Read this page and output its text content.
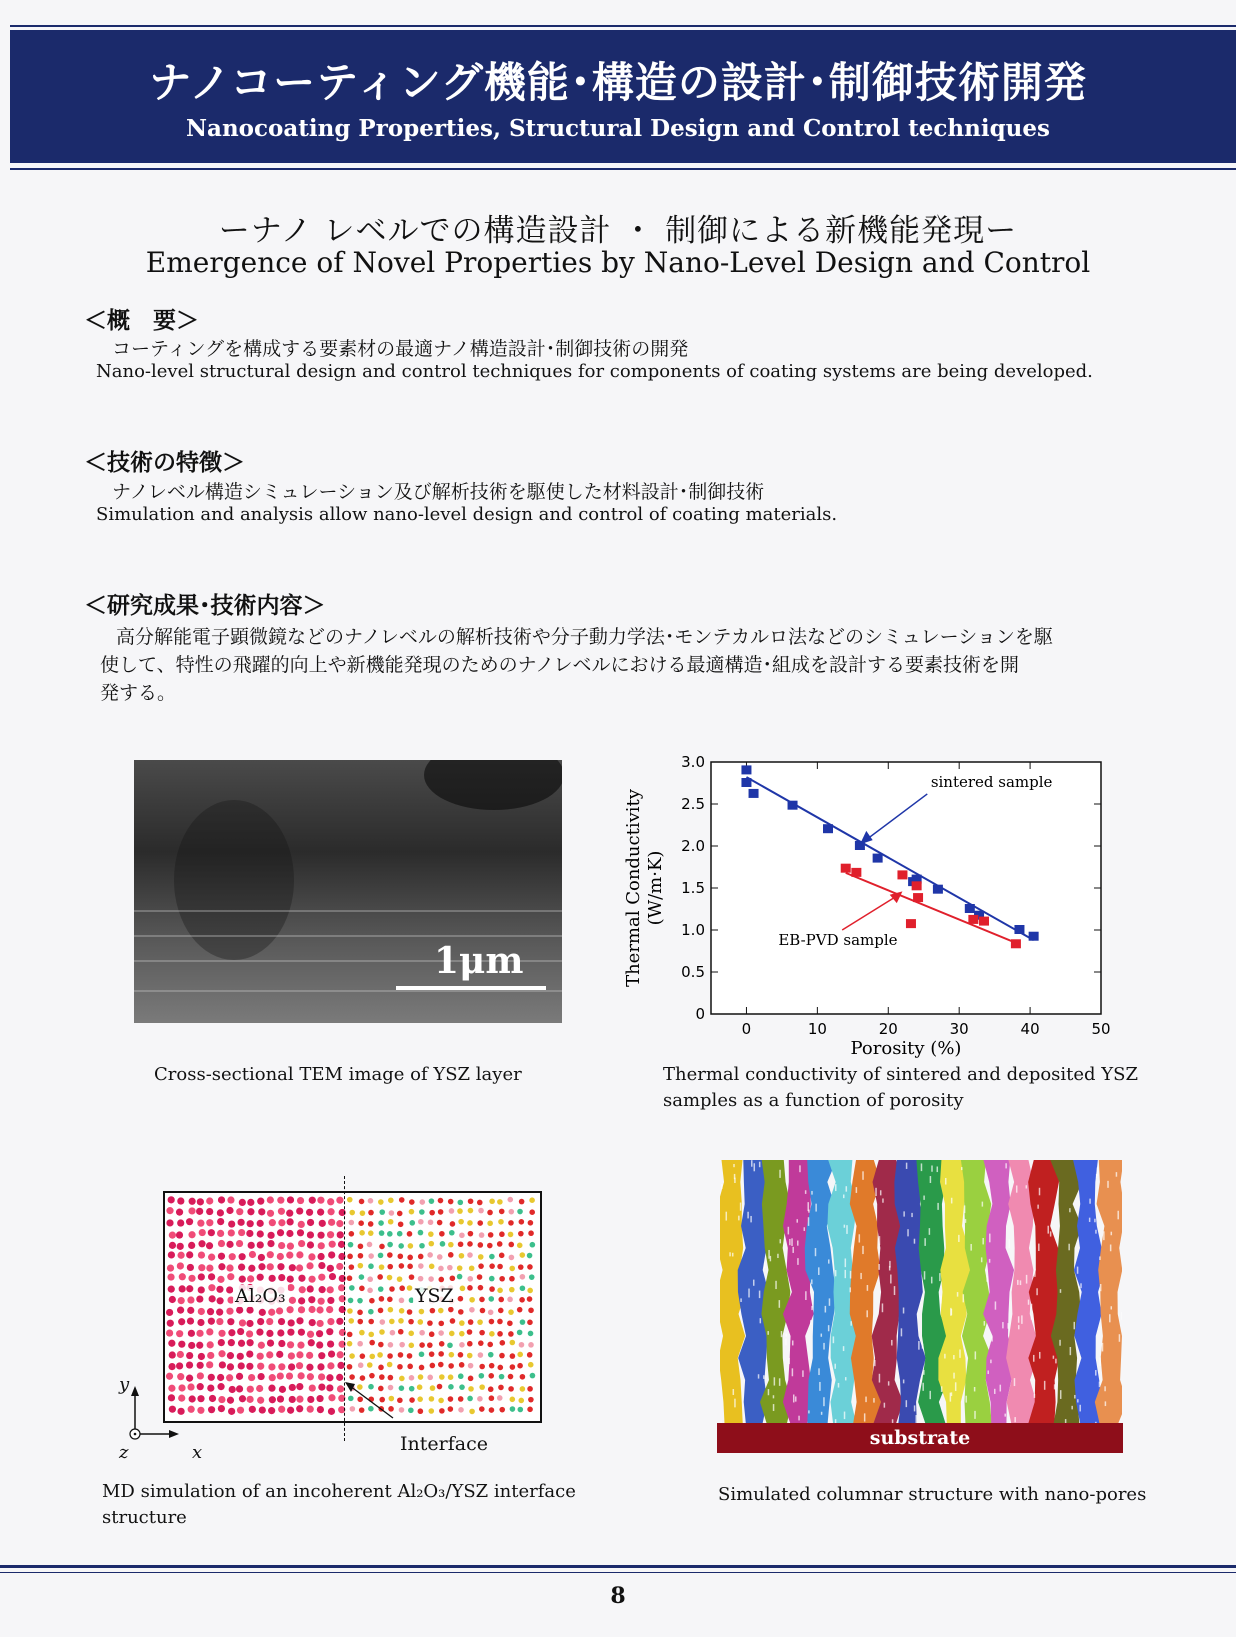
ナノコーティング機能･構造の設計･制御技術開発
Nanocoating Properties, Structural Design and Control techniques
ーナノ レベルでの構造設計 ・ 制御による新機能発現ー
Emergence of Novel Properties by Nano-Level Design and Control
＜概　要＞
コーティングを構成する要素材の最適ナノ構造設計･制御技術の開発
Nano-level structural design and control techniques for components of coating systems are being developed.
＜技術の特徴＞
ナノレベル構造シミュレーション及び解析技術を駆使した材料設計･制御技術
Simulation and analysis allow nano-level design and control of coating materials.
＜研究成果･技術内容＞
高分解能電子顕微鏡などのナノレベルの解析技術や分子動力学法･モンテカルロ法などのシミュレーションを駆
使して、特性の飛躍的向上や新機能発現のためのナノレベルにおける最適構造･組成を設計する要素技術を開
発する。
1μm
Cross-sectional TEM image of YSZ layer
0	10	20	30	40	50
0
0.5
1.0
1.5
2.0
2.5
3.0
Porosity (%)
Thermal Conductivity (W/m·K)
sintered sample
EB-PVD sample
Thermal conductivity of sintered and deposited YSZ
samples as a function of porosity
Al₂O₃	YSZ
y
z	x	Interface
MD simulation of an incoherent Al₂O₃/YSZ interface
structure
substrate
Simulated columnar structure with nano-pores
8
